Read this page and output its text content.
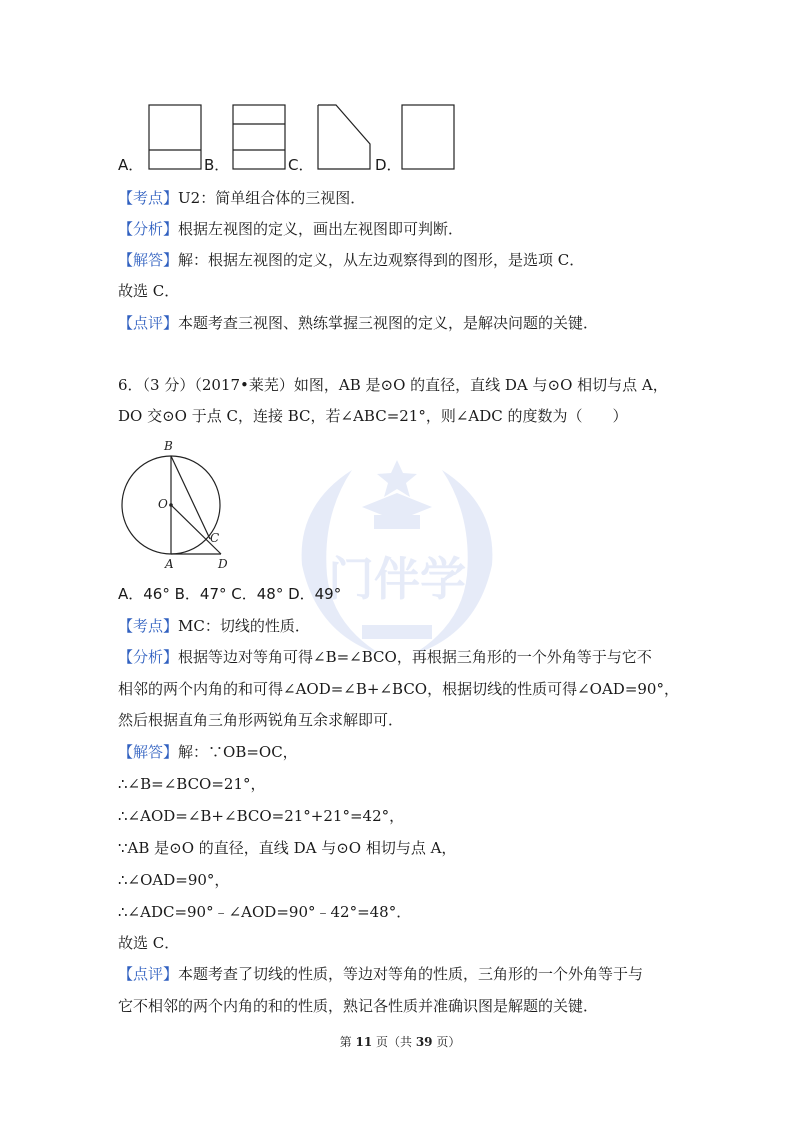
门伴学
A．	B．	C．	D．
【考点】U2：简单组合体的三视图．
【分析】根据左视图的定义，画出左视图即可判断．
【解答】解：根据左视图的定义，从左边观察得到的图形，是选项 C．
故选 C．
【点评】本题考查三视图、熟练掌握三视图的定义，是解决问题的关键．
6．（3 分）（2017•莱芜）如图，AB 是⊙O 的直径，直线 DA 与⊙O 相切与点 A，
DO 交⊙O 于点 C，连接 BC，若∠ABC=21°，则∠ADC 的度数为（　　）
B
O
C
A	D
A．46° B．47° C．48° D．49°
【考点】MC：切线的性质．
【分析】根据等边对等角可得∠B=∠BCO，再根据三角形的一个外角等于与它不
相邻的两个内角的和可得∠AOD=∠B+∠BCO，根据切线的性质可得∠OAD=90°，
然后根据直角三角形两锐角互余求解即可．
【解答】解：∵OB=OC，
∴∠B=∠BCO=21°，
∴∠AOD=∠B+∠BCO=21°+21°=42°，
∵AB 是⊙O 的直径，直线 DA 与⊙O 相切与点 A，
∴∠OAD=90°，
∴∠ADC=90°﹣∠AOD=90°﹣42°=48°．
故选 C．
【点评】本题考查了切线的性质，等边对等角的性质，三角形的一个外角等于与
它不相邻的两个内角的和的性质，熟记各性质并准确识图是解题的关键．
第 11 页（共 39 页）
